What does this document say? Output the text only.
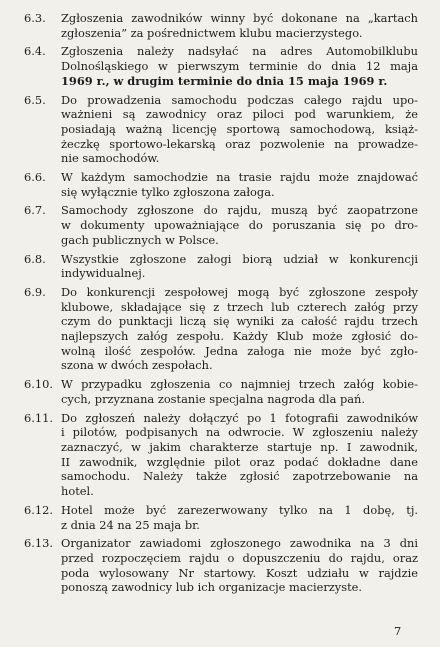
6.3.	Zgłoszenia zawodników winny być dokonane na „kartach
zgłoszenia” za pośrednictwem klubu macierzystego.
6.4.	Zgłoszenia należy nadsyłać na adres Automobilklubu
Dolnośląskiego w pierwszym terminie do dnia 12 maja
1969 r., w drugim terminie do dnia 15 maja 1969 r.
6.5.	Do prowadzenia samochodu podczas całego rajdu upo-
ważnieni są zawodnicy oraz piloci pod warunkiem, że
posiadają ważną licencję sportową samochodową, książ-
żeczkę sportowo-lekarską oraz pozwolenie na prowadze-
nie samochodów.
6.6.	W każdym samochodzie na trasie rajdu może znajdować
się wyłącznie tylko zgłoszona załoga.
6.7.	Samochody zgłoszone do rajdu, muszą być zaopatrzone
w dokumenty upoważniające do poruszania się po dro-
gach publicznych w Polsce.
6.8.	Wszystkie zgłoszone załogi biorą udział w konkurencji
indywidualnej.
6.9.	Do konkurencji zespołowej mogą być zgłoszone zespoły
klubowe, składające się z trzech lub czterech załóg przy
czym do punktacji liczą się wyniki za całość rajdu trzech
najlepszych załóg zespołu. Każdy Klub może zgłosić do-
wolną ilość zespołów. Jedna załoga nie może być zgło-
szona w dwóch zespołach.
6.10. W przypadku zgłoszenia co najmniej trzech załóg kobie-
cych, przyznana zostanie specjalna nagroda dla pań.
6.11. Do zgłoszeń należy dołączyć po 1 fotografii zawodników
i pilotów, podpisanych na odwrocie. W zgłoszeniu należy
zaznaczyć, w jakim charakterze startuje np. I zawodnik,
II zawodnik, względnie pilot oraz podać dokładne dane
samochodu. Należy także zgłosić zapotrzebowanie na
hotel.
6.12. Hotel może być zarezerwowany tylko na 1 dobę, tj.
z dnia 24 na 25 maja br.
6.13. Organizator zawiadomi zgłoszonego zawodnika na 3 dni
przed rozpoczęciem rajdu o dopuszczeniu do rajdu, oraz
poda wylosowany Nr startowy. Koszt udziału w rajdzie
ponoszą zawodnicy lub ich organizacje macierzyste.
7
